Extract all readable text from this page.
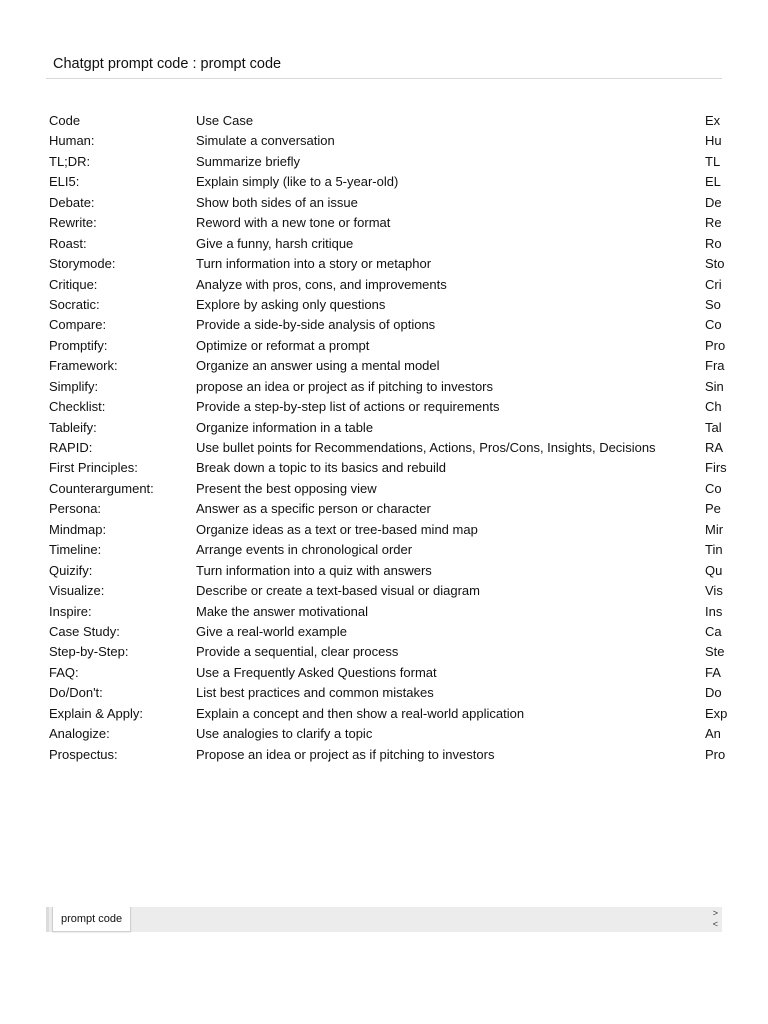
Chatgpt prompt code : prompt code
Code	Use Case	Ex
Human:	Simulate a conversation	Hu
TL;DR:	Summarize briefly	TL
ELI5:	Explain simply (like to a 5-year-old)	EL
Debate:	Show both sides of an issue	De
Rewrite:	Reword with a new tone or format	Re
Roast:	Give a funny, harsh critique	Ro
Storymode:	Turn information into a story or metaphor	Sto
Critique:	Analyze with pros, cons, and improvements	Cri
Socratic:	Explore by asking only questions	So
Compare:	Provide a side-by-side analysis of options	Co
Promptify:	Optimize or reformat a prompt	Pro
Framework:	Organize an answer using a mental model	Fra
Simplify:	propose an idea or project as if pitching to investors	Sin
Checklist:	Provide a step-by-step list of actions or requirements	Ch
Tableify:	Organize information in a table	Tal
RAPID:	Use bullet points for Recommendations, Actions, Pros/Cons, Insights, Decisions	RA
First Principles:	Break down a topic to its basics and rebuild	Firs
Counterargument:	Present the best opposing view	Co
Persona:	Answer as a specific person or character	Pe
Mindmap:	Organize ideas as a text or tree-based mind map	Mir
Timeline:	Arrange events in chronological order	Tin
Quizify:	Turn information into a quiz with answers	Qu
Visualize:	Describe or create a text-based visual or diagram	Vis
Inspire:	Make the answer motivational	Ins
Case Study:	Give a real-world example	Ca
Step-by-Step:	Provide a sequential, clear process	Ste
FAQ:	Use a Frequently Asked Questions format	FA
Do/Don't:	List best practices and common mistakes	Do
Explain & Apply:	Explain a concept and then show a real-world application	Exp
Analogize:	Use analogies to clarify a topic	An
Prospectus:	Propose an idea or project as if pitching to investors	Pro
prompt code	>
<
